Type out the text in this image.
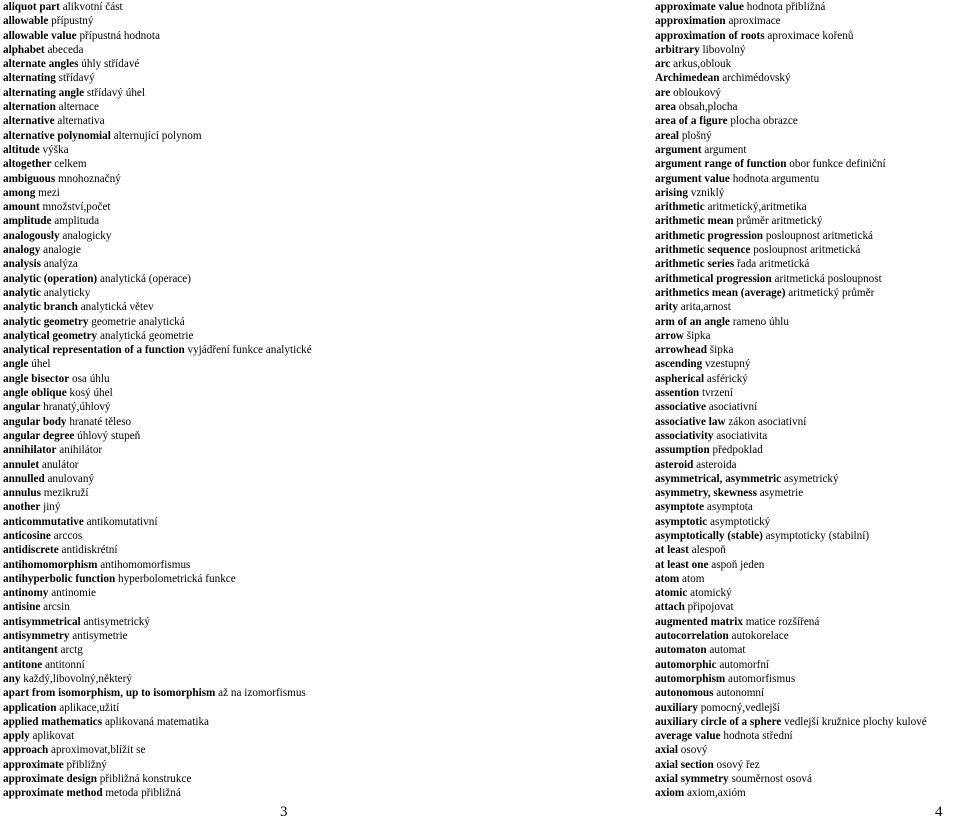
aliquot part alikvotní část
allowable přípustný
allowable value přípustná hodnota
alphabet abeceda
alternate angles úhly střídavé
alternating střídavý
alternating angle střídavý úhel
alternation alternace
alternative alternativa
alternative polynomial alternující polynom
altitude výška
altogether celkem
ambiguous mnohoznačný
among mezi
amount množství,počet
amplitude amplituda
analogously analogicky
analogy analogie
analysis analýza
analytic (operation) analytická (operace)
analytic analyticky
analytic branch analytická větev
analytic geometry geometrie analytická
analytical geometry analytická geometrie
analytical representation of a function vyjádření funkce analytické
angle úhel
angle bisector osa úhlu
angle oblique kosý úhel
angular hranatý,úhlový
angular body hranaté těleso
angular degree úhlový stupeň
annihilator anihilátor
annulet anulátor
annulled anulovaný
annulus mezikruží
another jiný
anticommutative antikomutativní
anticosine arccos
antidiscrete antidiskrétní
antihomomorphism antihomomorfismus
antihyperbolic function hyperbolometrická funkce
antinomy antinomie
antisine arcsin
antisymmetrical antisymetrický
antisymmetry antisymetrie
antitangent arctg
antitone antitonní
any každý,libovolný,některý
apart from isomorphism, up to isomorphism až na izomorfismus
application aplikace,užití
applied mathematics aplikovaná matematika
apply aplikovat
approach aproximovat,blížit se
approximate přibližný
approximate design přibližná konstrukce
approximate method metoda přibližná
approximate value hodnota přibližná
approximation aproximace
approximation of roots aproximace kořenů
arbitrary libovolný
arc arkus,oblouk
Archimedean archimédovský
are obloukový
area obsah,plocha
area of a figure plocha obrazce
areal plošný
argument argument
argument range of function obor funkce definiční
argument value hodnota argumentu
arising vzniklý
arithmetic aritmetický,aritmetika
arithmetic mean průměr aritmetický
arithmetic progression posloupnost aritmetická
arithmetic sequence posloupnost aritmetická
arithmetic series řada aritmetická
arithmetical progression aritmetická posloupnost
arithmetics mean (average) aritmetický průměr
arity arita,arnost
arm of an angle rameno úhlu
arrow šipka
arrowhead šipka
ascending vzestupný
aspherical asférický
assention tvrzení
associative asociativní
associative law zákon asociativní
associativity asociativita
assumption předpoklad
asteroid asteroida
asymmetrical, asymmetric asymetrický
asymmetry, skewness asymetrie
asymptote asymptota
asymptotic asymptotický
asymptotically (stable) asymptoticky (stabilní)
at least alespoň
at least one aspoň jeden
atom atom
atomic atomický
attach připojovat
augmented matrix matice rozšířená
autocorrelation autokorelace
automaton automat
automorphic automorfní
automorphism automorfismus
autonomous autonomní
auxiliary pomocný,vedlejší
auxiliary circle of a sphere vedlejší kružnice plochy kulové
average value hodnota střední
axial osový
axial section osový řez
axial symmetry souměrnost osová
axiom axiom,axióm
3	4
